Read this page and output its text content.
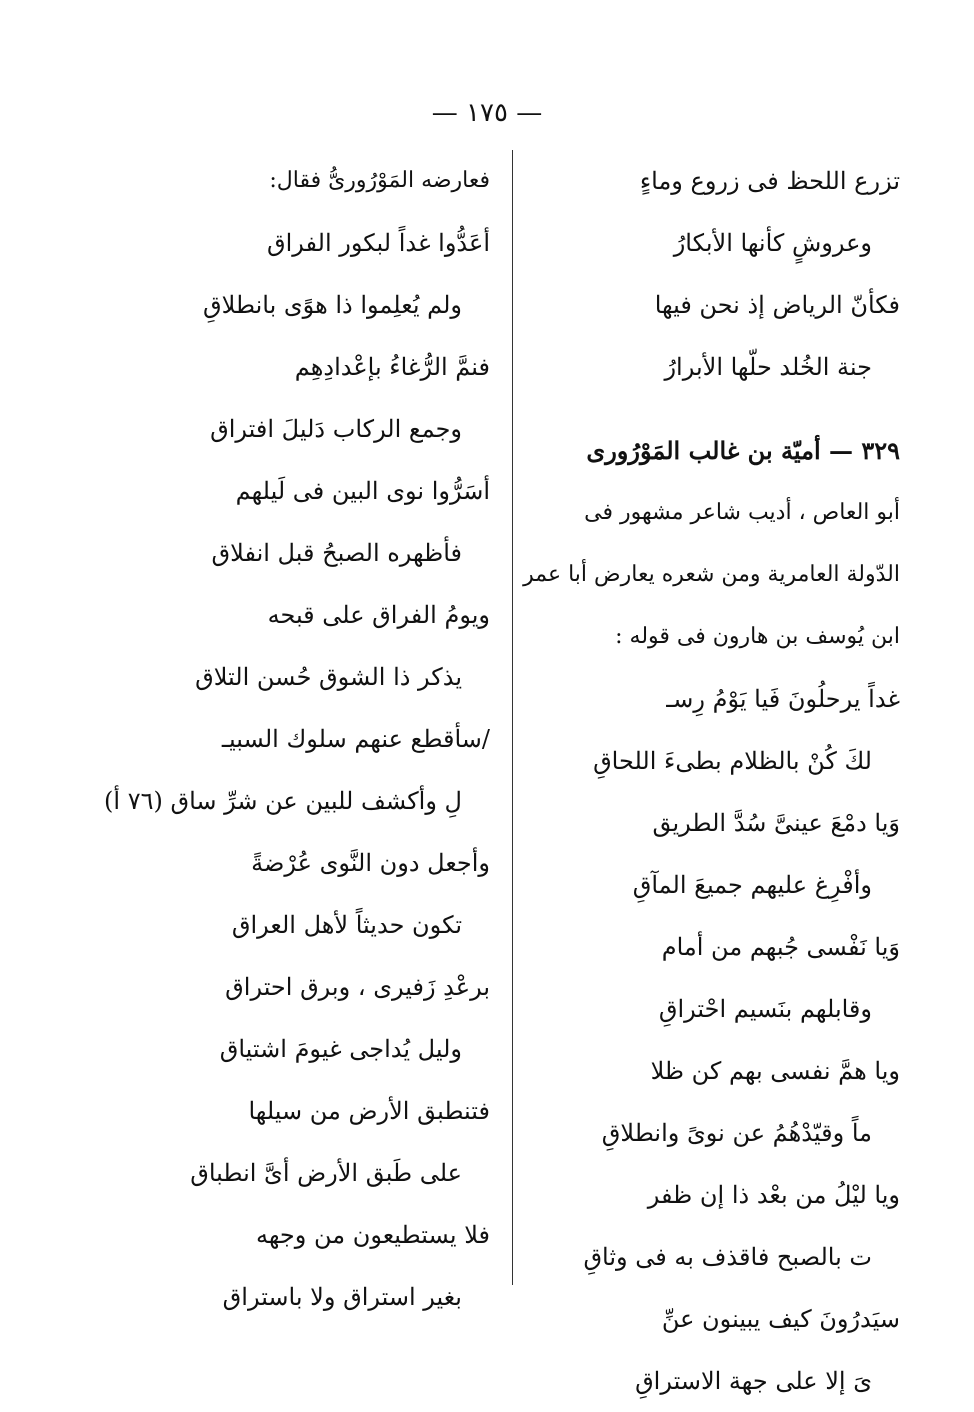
— ١٧٥ —
تزرع اللحظ فى زروع وماءٍ
وعروشٍ كأنها الأبكارُ
فكأنّ الرياض إذ نحن فيها
جنة الخُلد حلّها الأبرارُ
٣٢٩ — أميّة بن غالب المَوْرُورى
أبو العاص ، أديب شاعر مشهور فى
الدّولة العامرية ومن شعره يعارض أبا عمر
ابن يُوسف بن هارون فى قوله :
غداً يرحلُونَ فَيا يَوْمُ رِسـ
لكَ كُنْ بالظلام بطىءَ اللحاقِ
وَيا دمْعَ عينىَّ سُدَّ الطريق
وأفْرِغ عليهم جميعَ المآقِ
وَيا نَفْسى جُبهم من أمام
وقابلهم بنَسيم احْتراقِ
ويا همَّ نفسى بهم كن ظلا
ماً وقيّدْهُمُ عن نوىً وانطلاقِ
ويا ليْلُ من بعْد ذا إن ظفر
ت بالصبح فاقذف به فى وثاقِ
سيَدرُونَ كيف يبينون عنِّ
ىَ إلا على جهة الاستراقِ
فعارضه المَوْرُورىُّ فقال:
أعَدُّوا غداً لبكور الفراق
ولم يُعلِموا ذا هوًى بانطلاقِ
فنمَّ الرُّغاءُ بإعْدادِهِم
وجمع الركاب دَليلَ افتراق
أسَرُّوا نوى البين فى لَيلهم
فأظهره الصبحُ قبل انفلاق
ويومُ الفراق على قبحه
يذكر ذا الشوق حُسن التلاق
/سأقطع عنهم سلوك السبيـ
لِ وأكشف للبين عن شرِّ ساق (٧٦ أ)
وأجعل دون النَّوى عُرْضةً
تكون حديثاً لأهل العراق
برعْدِ زَفيرى ، وبرق احتراق
وليل يُداجى غيومَ اشتياق
فتنطبق الأرض من سيلها
على طَبق الأرض أىَّ انطباق
فلا يستطيعون من وجهه
بغير استراق ولا باستراق
